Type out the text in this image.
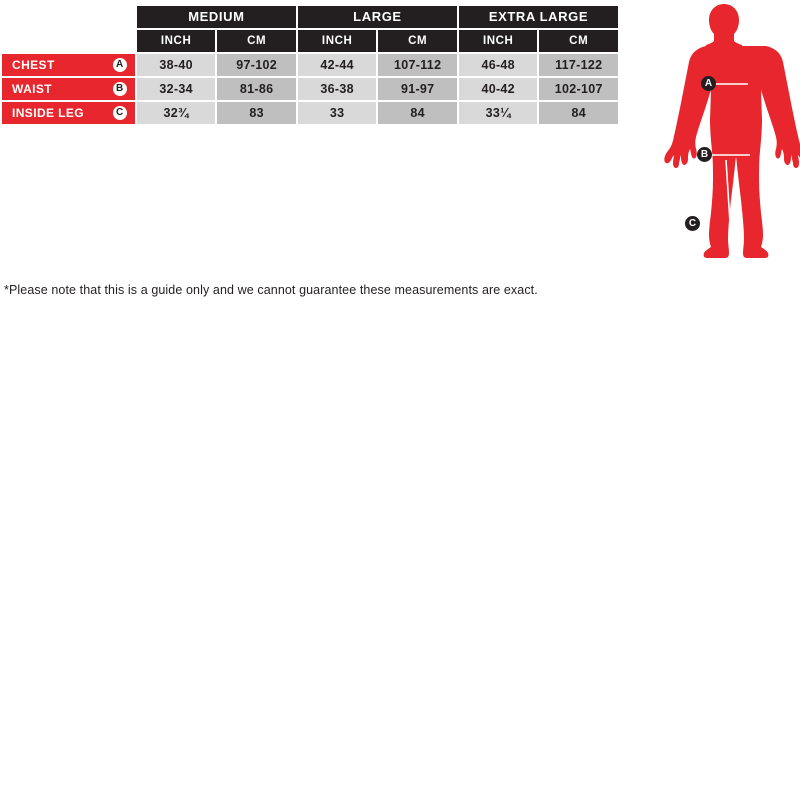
	MEDIUM		LARGE		EXTRA LARGE	
	INCH	CM	INCH	CM	INCH	CM
CHEST A	38-40	97-102	42-44	107-112	46-48	117-122
WAIST B	32-34	81-86	36-38	91-97	40-42	102-107
INSIDE LEG C	32¾	83	33	84	33¼	84
*Please note that this is a guide only and we cannot guarantee these measurements are exact.
A
B
C
